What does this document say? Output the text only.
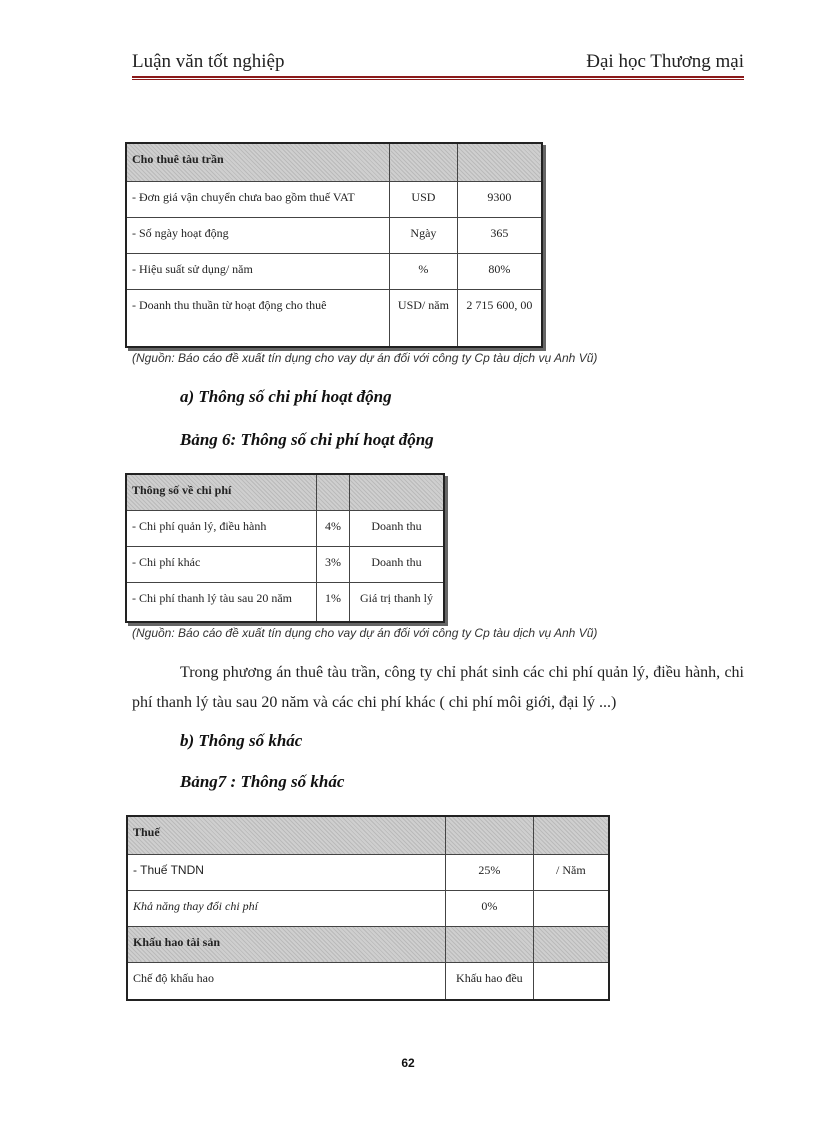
Luận văn tốt nghiệp	Đại học Thương mại
Cho thuê tàu trần		
- Đơn giá vận chuyển chưa bao gồm thuế VAT	USD	9300
- Số ngày hoạt động	Ngày	365
- Hiệu suất sử dụng/ năm	%	80%
- Doanh thu thuần từ hoạt động cho thuê	USD/ năm	2 715 600, 00
(Nguồn: Báo cáo đề xuất tín dụng cho vay dự án đối với công ty Cp tàu dịch vụ Anh Vũ)
a) Thông số chi phí hoạt động
Bảng 6: Thông số chi phí hoạt động
Thông số về chi phí		
- Chi phí quản lý, điều hành	4%	Doanh thu
- Chi phí khác	3%	Doanh thu
- Chi phí thanh lý tàu sau 20 năm	1%	Giá trị thanh lý
(Nguồn: Báo cáo đề xuất tín dụng cho vay dự án đối với công ty Cp tàu dịch vụ Anh Vũ)
Trong phương án thuê tàu trần, công ty chỉ phát sinh các chi phí quản lý, điều hành, chi phí thanh lý tàu sau 20 năm và các chi phí khác ( chi phí môi giới, đại lý ...)
b) Thông số khác
Bảng7 : Thông số khác
Thuế		
- Thuế TNDN	25%	/ Năm
Khả năng thay đổi chi phí	0%	
Khấu hao tài sản		
Chế độ khấu hao	Khấu hao đều	
62
